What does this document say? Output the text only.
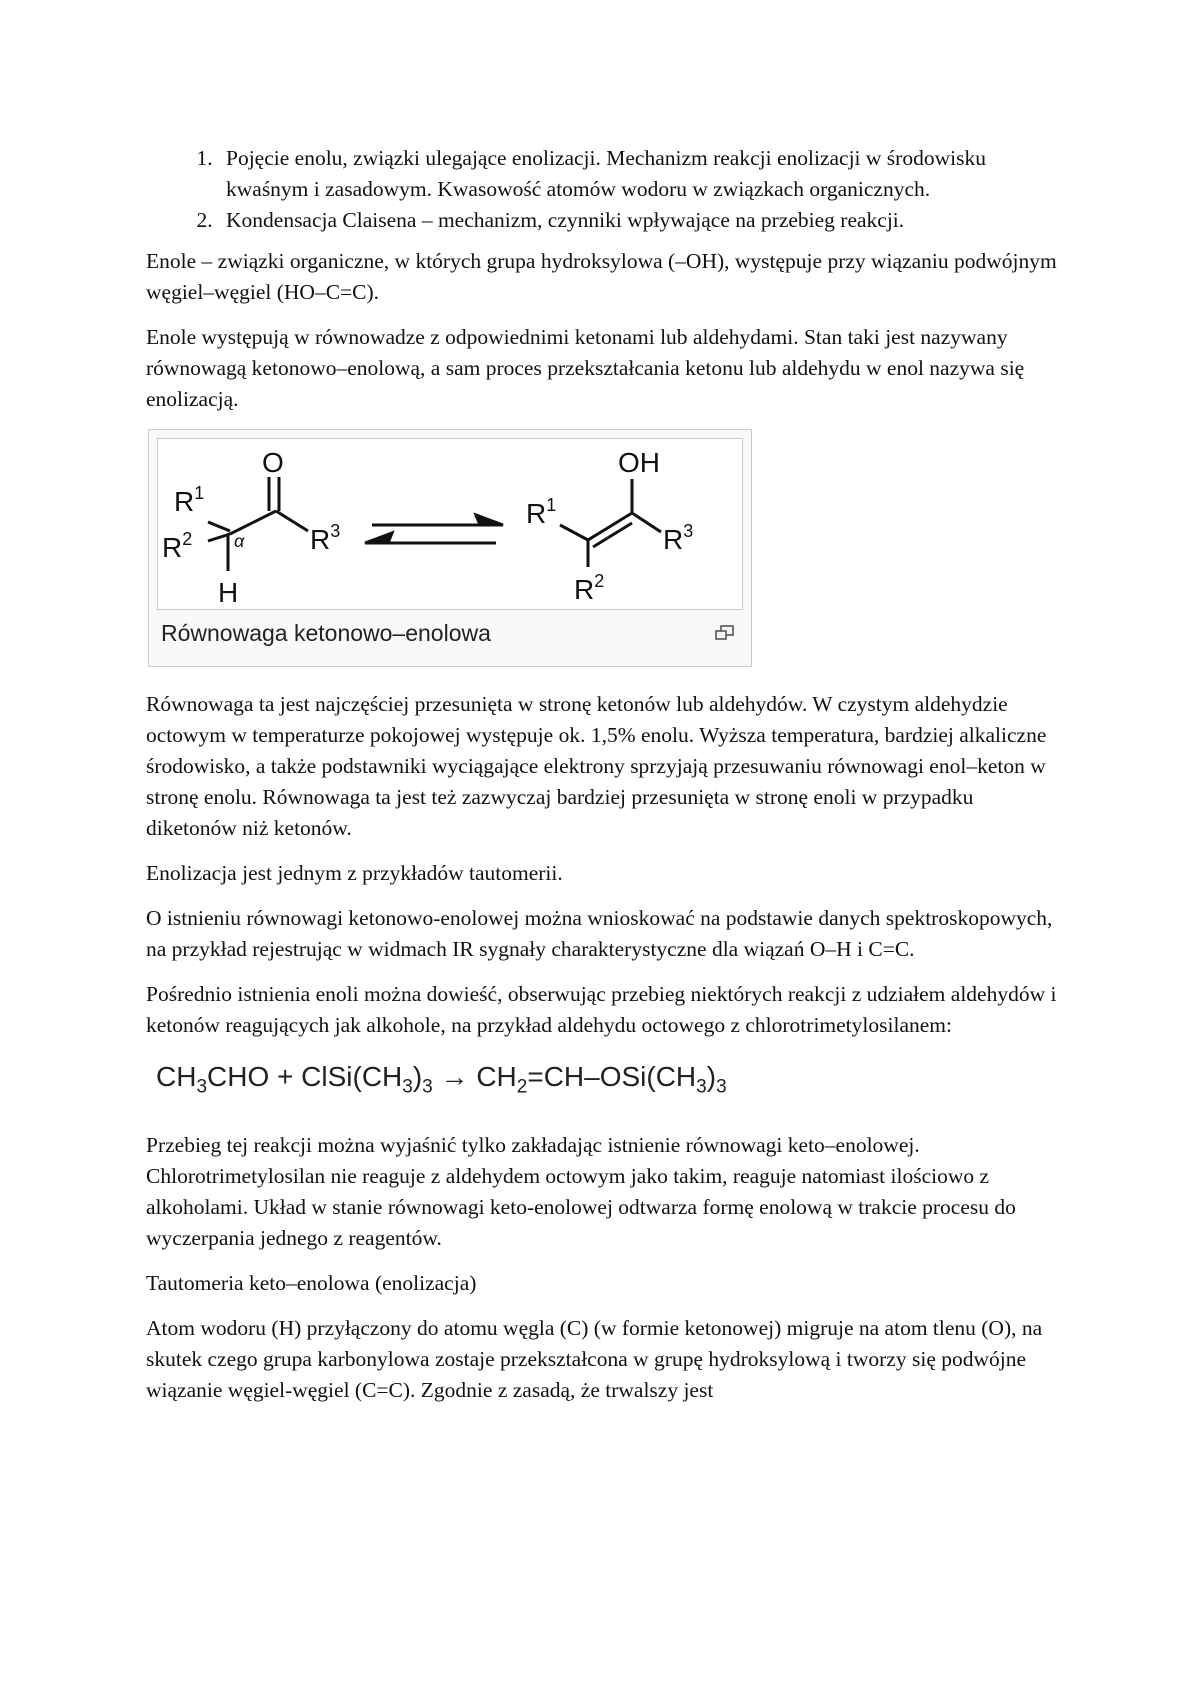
1. Pojęcie enolu, związki ulegające enolizacji. Mechanizm reakcji enolizacji w środowisku kwaśnym i zasadowym. Kwasowość atomów wodoru w związkach organicznych.
2. Kondensacja Claisena – mechanizm, czynniki wpływające na przebieg reakcji.

Enole – związki organiczne, w których grupa hydroksylowa (–OH), występuje przy wiązaniu podwójnym węgiel–węgiel (HO–C=C).

Enole występują w równowadze z odpowiednimi ketonami lub aldehydami. Stan taki jest nazywany równowagą ketonowo–enolową, a sam proces przekształcania ketonu lub aldehydu w enol nazywa się enolizacją.

O
$R^1$
$R^2$ α
H
$R^3$
OH
$R^1$
$R^2$
$R^3$
Równowaga ketonowo–enolowa

Równowaga ta jest najczęściej przesunięta w stronę ketonów lub aldehydów. W czystym aldehydzie octowym w temperaturze pokojowej występuje ok. 1,5% enolu. Wyższa temperatura, bardziej alkaliczne środowisko, a także podstawniki wyciągające elektrony sprzyjają przesuwaniu równowagi enol–keton w stronę enolu. Równowaga ta jest też zazwyczaj bardziej przesunięta w stronę enoli w przypadku diketonów niż ketonów.

Enolizacja jest jednym z przykładów tautomerii.

O istnieniu równowagi ketonowo-enolowej można wnioskować na podstawie danych spektroskopowych, na przykład rejestrując w widmach IR sygnały charakterystyczne dla wiązań O–H i C=C.

Pośrednio istnienia enoli można dowieść, obserwując przebieg niektórych reakcji z udziałem aldehydów i ketonów reagujących jak alkohole, na przykład aldehydu octowego z chlorotrimetylosilanem:

$CH_3CHO$ + $ClSi(CH_3)_3 \to CH_2=CH-OSi(CH_3)_3$

Przebieg tej reakcji można wyjaśnić tylko zakładając istnienie równowagi keto–enolowej. Chlorotrimetylosilan nie reaguje z aldehydem octowym jako takim, reaguje natomiast ilościowo z alkoholami. Układ w stanie równowagi keto-enolowej odtwarza formę enolową w trakcie procesu do wyczerpania jednego z reagentów.

Tautomeria keto–enolowa (enolizacja)

Atom wodoru (H) przyłączony do atomu węgla (C) (w formie ketonowej) migruje na atom tlenu (O), na skutek czego grupa karbonylowa zostaje przekształcona w grupę hydroksylową i tworzy się podwójne wiązanie węgiel-węgiel (C=C). Zgodnie z zasadą, że trwalszy jest
